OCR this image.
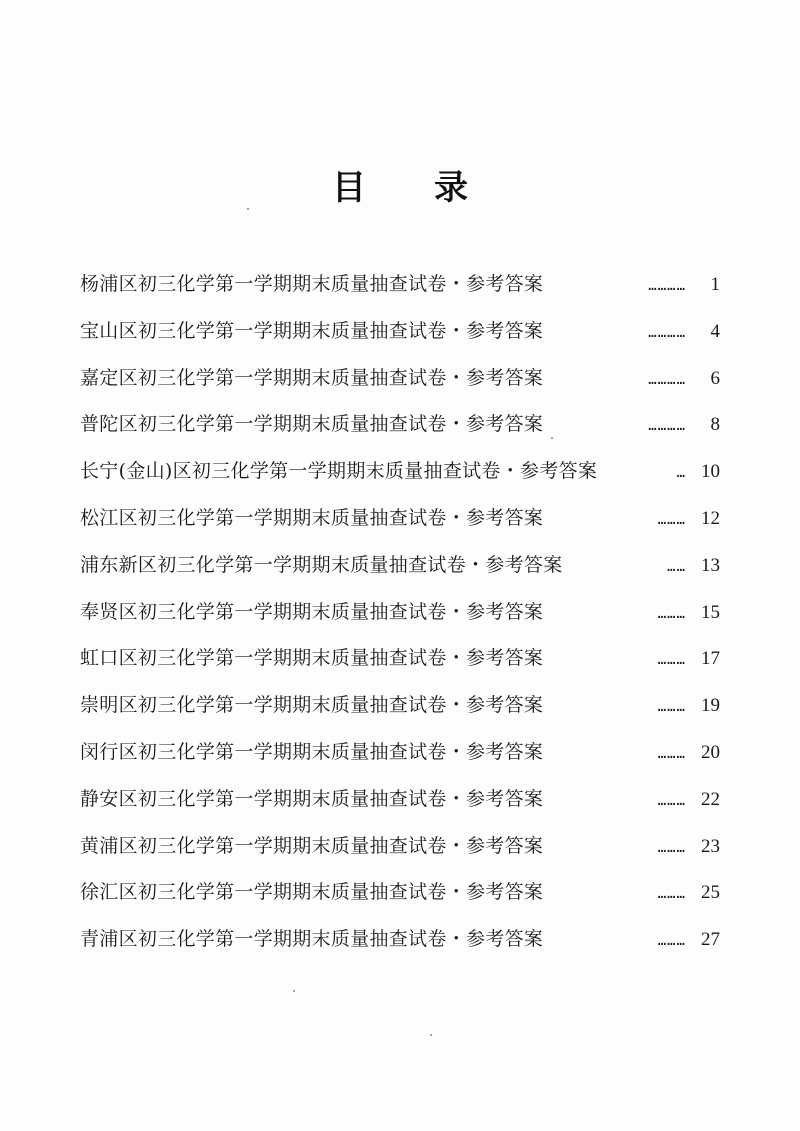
目　　录
杨浦区初三化学第一学期期末质量抽查试卷・参考答案	…………	1
宝山区初三化学第一学期期末质量抽查试卷・参考答案	…………	4
嘉定区初三化学第一学期期末质量抽查试卷・参考答案	…………	6
普陀区初三化学第一学期期末质量抽查试卷・参考答案	…………	8
长宁(金山)区初三化学第一学期期末质量抽查试卷・参考答案	… 10
松江区初三化学第一学期期末质量抽查试卷・参考答案	……… 12
浦东新区初三化学第一学期期末质量抽查试卷・参考答案	…… 13
奉贤区初三化学第一学期期末质量抽查试卷・参考答案	……… 15
虹口区初三化学第一学期期末质量抽查试卷・参考答案	……… 17
崇明区初三化学第一学期期末质量抽查试卷・参考答案	……… 19
闵行区初三化学第一学期期末质量抽查试卷・参考答案	……… 20
静安区初三化学第一学期期末质量抽查试卷・参考答案	……… 22
黄浦区初三化学第一学期期末质量抽查试卷・参考答案	……… 23
徐汇区初三化学第一学期期末质量抽查试卷・参考答案	……… 25
青浦区初三化学第一学期期末质量抽查试卷・参考答案	……… 27
